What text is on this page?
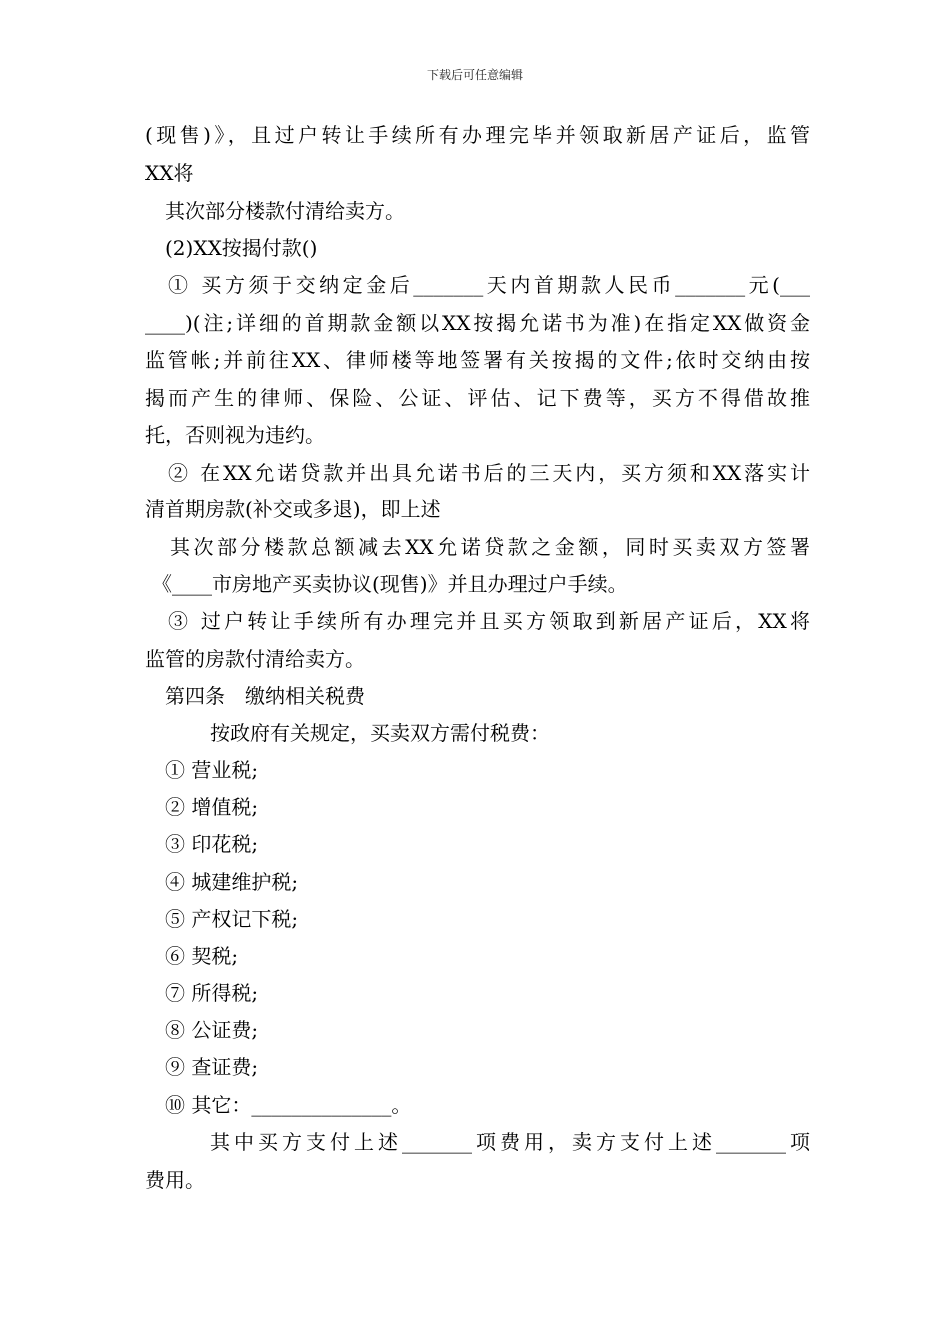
下载后可任意编辑
(现售)》，且过户转让手续所有办理完毕并领取新居产证后，监管
XX将
其次部分楼款付清给卖方。
(2)XX按揭付款()
① 买方须于交纳定金后_______天内首期款人民币_______元(___
____)(注;详细的首期款金额以XX按揭允诺书为准)在指定XX做资金
监管帐;并前往XX、律师楼等地签署有关按揭的文件;依时交纳由按
揭而产生的律师、保险、公证、评估、记下费等，买方不得借故推
托，否则视为违约。
② 在XX允诺贷款并出具允诺书后的三天内，买方须和XX落实计
清首期房款(补交或多退)，即上述
其次部分楼款总额减去XX允诺贷款之金额，同时买卖双方签署
《____市房地产买卖协议(现售)》并且办理过户手续。
③ 过户转让手续所有办理完并且买方领取到新居产证后，XX将
监管的房款付清给卖方。
第四条　缴纳相关税费
按政府有关规定，买卖双方需付税费：
① 营业税;
② 增值税;
③ 印花税;
④ 城建维护税;
⑤ 产权记下税;
⑥ 契税;
⑦ 所得税;
⑧ 公证费;
⑨ 查证费;
⑩ 其它：______________。
其中买方支付上述_______项费用，卖方支付上述_______项
费用。
